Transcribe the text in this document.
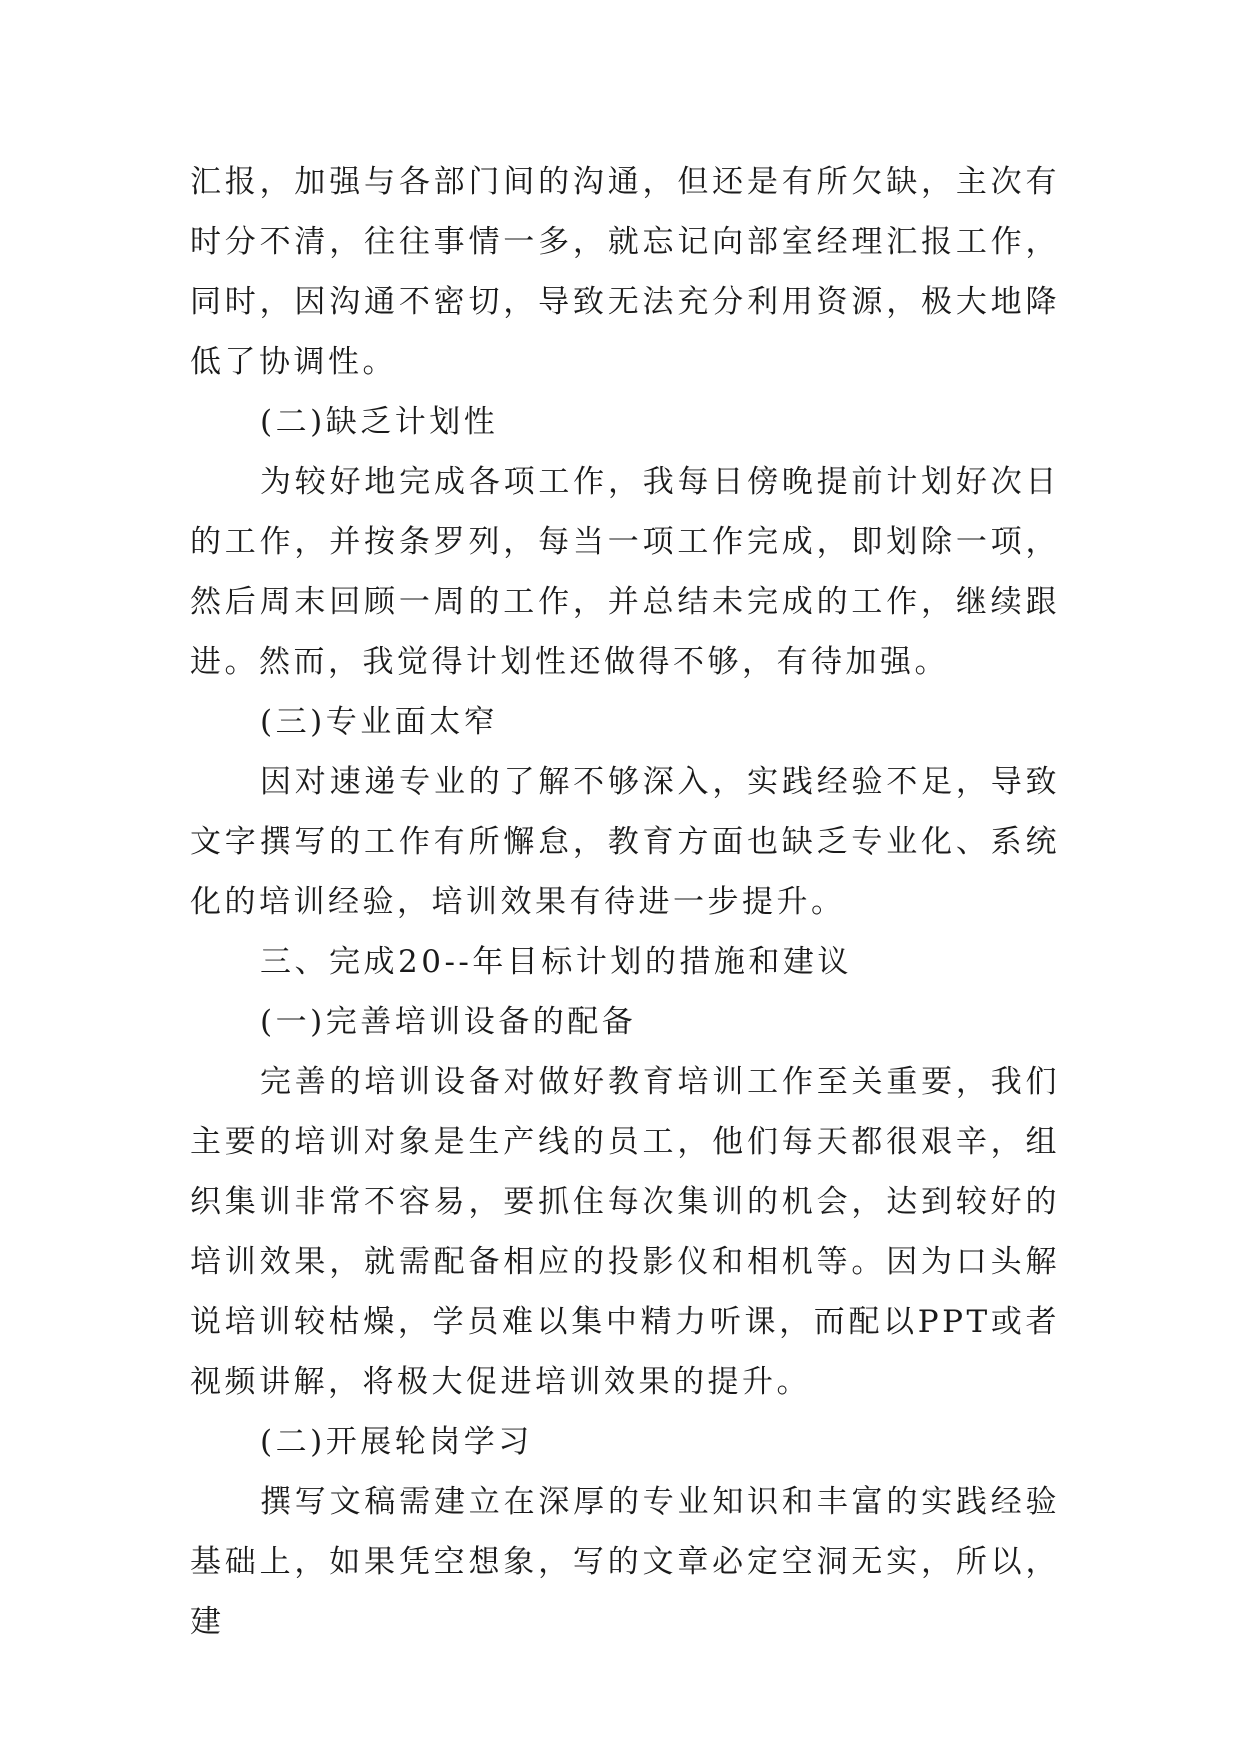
汇报，加强与各部门间的沟通，但还是有所欠缺，主次有时分不清，往往事情一多，就忘记向部室经理汇报工作，同时，因沟通不密切，导致无法充分利用资源，极大地降低了协调性。

(二)缺乏计划性

为较好地完成各项工作，我每日傍晚提前计划好次日的工作，并按条罗列，每当一项工作完成，即划除一项，然后周末回顾一周的工作，并总结未完成的工作，继续跟进。然而，我觉得计划性还做得不够，有待加强。

(三)专业面太窄

因对速递专业的了解不够深入，实践经验不足，导致文字撰写的工作有所懈怠，教育方面也缺乏专业化、系统化的培训经验，培训效果有待进一步提升。

三、完成20--年目标计划的措施和建议

(一)完善培训设备的配备

完善的培训设备对做好教育培训工作至关重要，我们主要的培训对象是生产线的员工，他们每天都很艰辛，组织集训非常不容易，要抓住每次集训的机会，达到较好的培训效果，就需配备相应的投影仪和相机等。因为口头解说培训较枯燥，学员难以集中精力听课，而配以PPT或者视频讲解，将极大促进培训效果的提升。

(二)开展轮岗学习

撰写文稿需建立在深厚的专业知识和丰富的实践经验基础上，如果凭空想象，写的文章必定空洞无实，所以，建
